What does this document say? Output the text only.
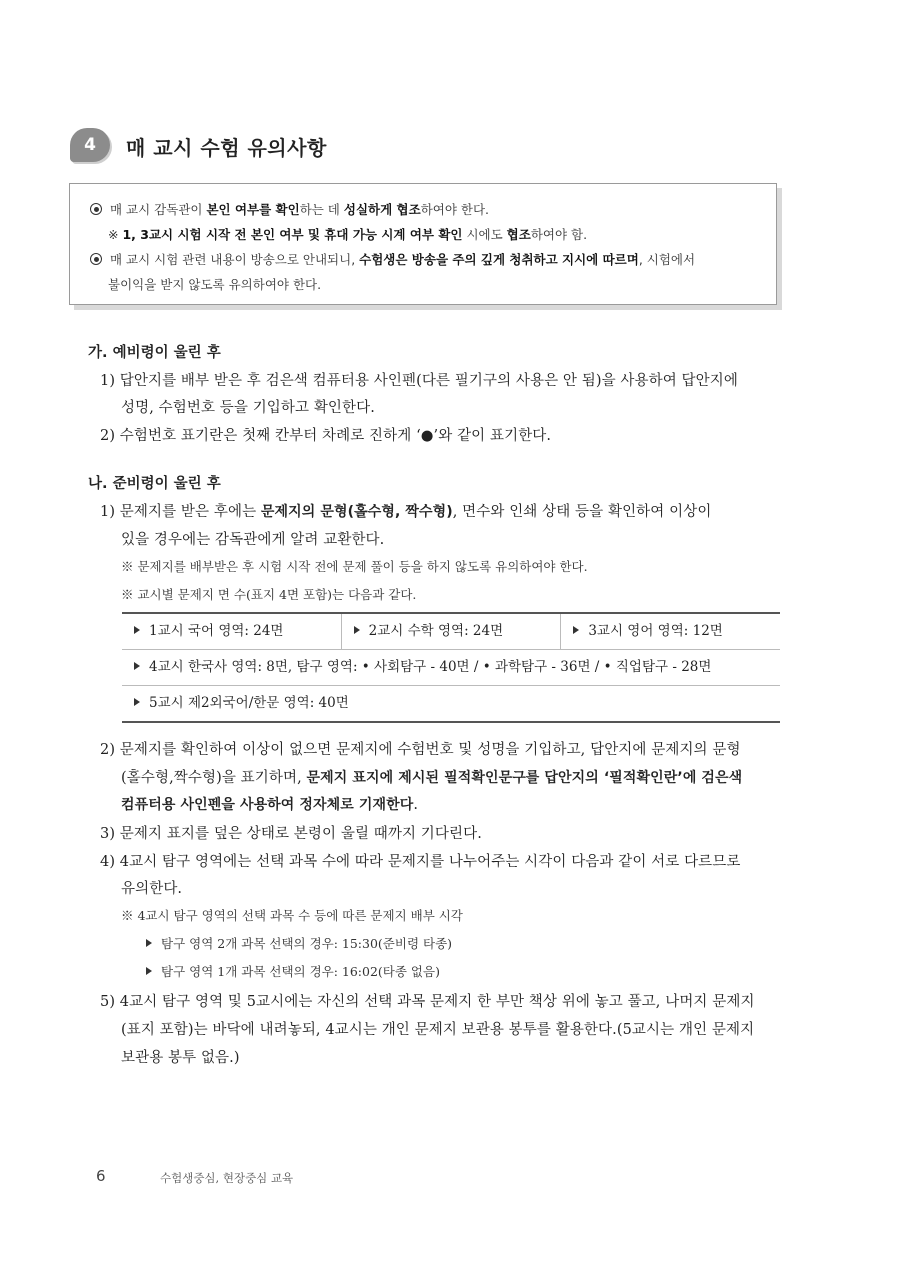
4	매 교시 수험 유의사항
매 교시 감독관이 본인 여부를 확인하는 데 성실하게 협조하여야 한다.
※ 1, 3교시 시험 시작 전 본인 여부 및 휴대 가능 시계 여부 확인 시에도 협조하여야 함.
매 교시 시험 관련 내용이 방송으로 안내되니, 수험생은 방송을 주의 깊게 청취하고 지시에 따르며, 시험에서
불이익을 받지 않도록 유의하여야 한다.
가. 예비령이 울린 후
1) 답안지를 배부 받은 후 검은색 컴퓨터용 사인펜(다른 필기구의 사용은 안 됨)을 사용하여 답안지에
성명, 수험번호 등을 기입하고 확인한다.
2) 수험번호 표기란은 첫째 칸부터 차례로 진하게 ‘●’와 같이 표기한다.
나. 준비령이 울린 후
1) 문제지를 받은 후에는 문제지의 문형(홀수형, 짝수형), 면수와 인쇄 상태 등을 확인하여 이상이
있을 경우에는 감독관에게 알려 교환한다.
※ 문제지를 배부받은 후 시험 시작 전에 문제 풀이 등을 하지 않도록 유의하여야 한다.
※ 교시별 문제지 면 수(표지 4면 포함)는 다음과 같다.
1교시 국어 영역: 24면	2교시 수학 영역: 24면	3교시 영어 영역: 12면
4교시 한국사 영역: 8면, 탐구 영역: • 사회탐구 - 40면 / • 과학탐구 - 36면 / • 직업탐구 - 28면
5교시 제2외국어/한문 영역: 40면
2) 문제지를 확인하여 이상이 없으면 문제지에 수험번호 및 성명을 기입하고, 답안지에 문제지의 문형
(홀수형,짝수형)을 표기하며, 문제지 표지에 제시된 필적확인문구를 답안지의 ‘필적확인란’에 검은색
컴퓨터용 사인펜을 사용하여 정자체로 기재한다.
3) 문제지 표지를 덮은 상태로 본령이 울릴 때까지 기다린다.
4) 4교시 탐구 영역에는 선택 과목 수에 따라 문제지를 나누어주는 시각이 다음과 같이 서로 다르므로
유의한다.
※ 4교시 탐구 영역의 선택 과목 수 등에 따른 문제지 배부 시각
탐구 영역 2개 과목 선택의 경우: 15:30(준비령 타종)
탐구 영역 1개 과목 선택의 경우: 16:02(타종 없음)
5) 4교시 탐구 영역 및 5교시에는 자신의 선택 과목 문제지 한 부만 책상 위에 놓고 풀고, 나머지 문제지
(표지 포함)는 바닥에 내려놓되, 4교시는 개인 문제지 보관용 봉투를 활용한다.(5교시는 개인 문제지
보관용 봉투 없음.)
6	수험생중심, 현장중심 교육
